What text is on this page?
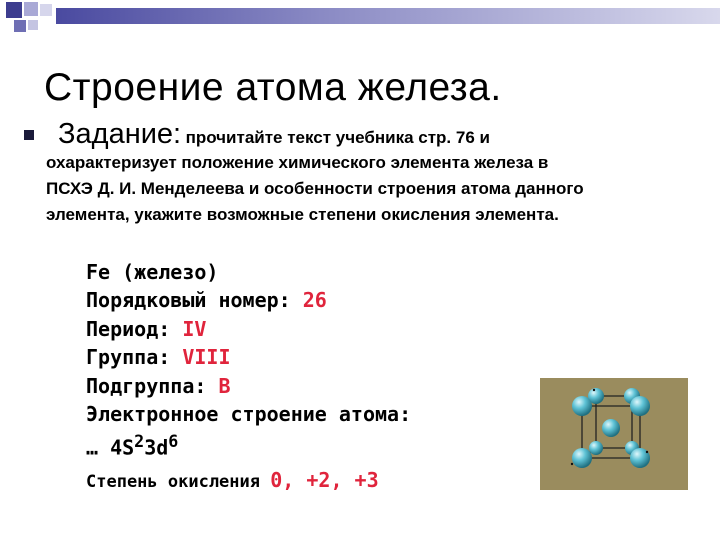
Строение атома железа.
Задание: прочитайте текст учебника стр. 76 и
охарактеризует положение химического элемента железа в
ПСХЭ Д. И. Менделеева и особенности строения атома данного
элемента, укажите возможные степени окисления элемента.
Fe (железо)
Порядковый номер: 26
Период: IV
Группа: VIII
Подгруппа: B
Электронное строение атома:
… $4S^23d^6$
Степень окисления 0, +2, +3
